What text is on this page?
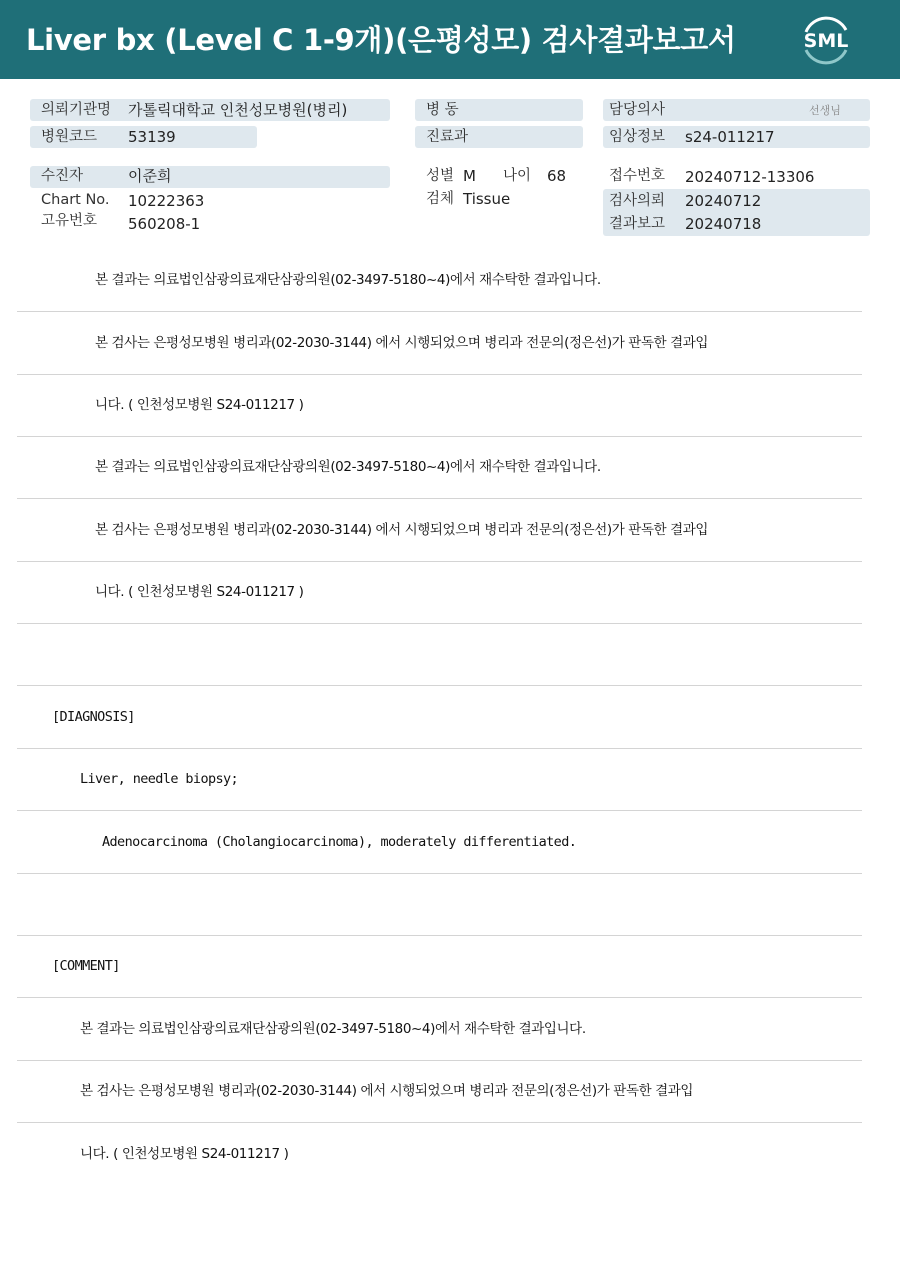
Liver bx (Level C 1-9개)(은평성모) 검사결과보고서	SML
의뢰기관명 가톨릭대학교 인천성모병원(병리)
병원코드 53139
수진자	이준희
Chart No. 10222363
고유번호 560208-1
병 동
진료과
성별 M 나이 68
검체 Tissue
담당의사	선생님
임상정보 s24-011217
접수번호 20240712-13306
검사의뢰 20240712
결과보고 20240718
본 결과는 의료법인삼광의료재단삼광의원(02-3497-5180~4)에서 재수탁한 결과입니다.
본 검사는 은평성모병원 병리과(02-2030-3144) 에서 시행되었으며 병리과 전문의(정은선)가 판독한 결과입
니다. ( 인천성모병원 S24-011217 )
본 결과는 의료법인삼광의료재단삼광의원(02-3497-5180~4)에서 재수탁한 결과입니다.
본 검사는 은평성모병원 병리과(02-2030-3144) 에서 시행되었으며 병리과 전문의(정은선)가 판독한 결과입
니다. ( 인천성모병원 S24-011217 )
[DIAGNOSIS]
Liver, needle biopsy;
Adenocarcinoma (Cholangiocarcinoma), moderately differentiated.
[COMMENT]
본 결과는 의료법인삼광의료재단삼광의원(02-3497-5180~4)에서 재수탁한 결과입니다.
본 검사는 은평성모병원 병리과(02-2030-3144) 에서 시행되었으며 병리과 전문의(정은선)가 판독한 결과입
니다. ( 인천성모병원 S24-011217 )
